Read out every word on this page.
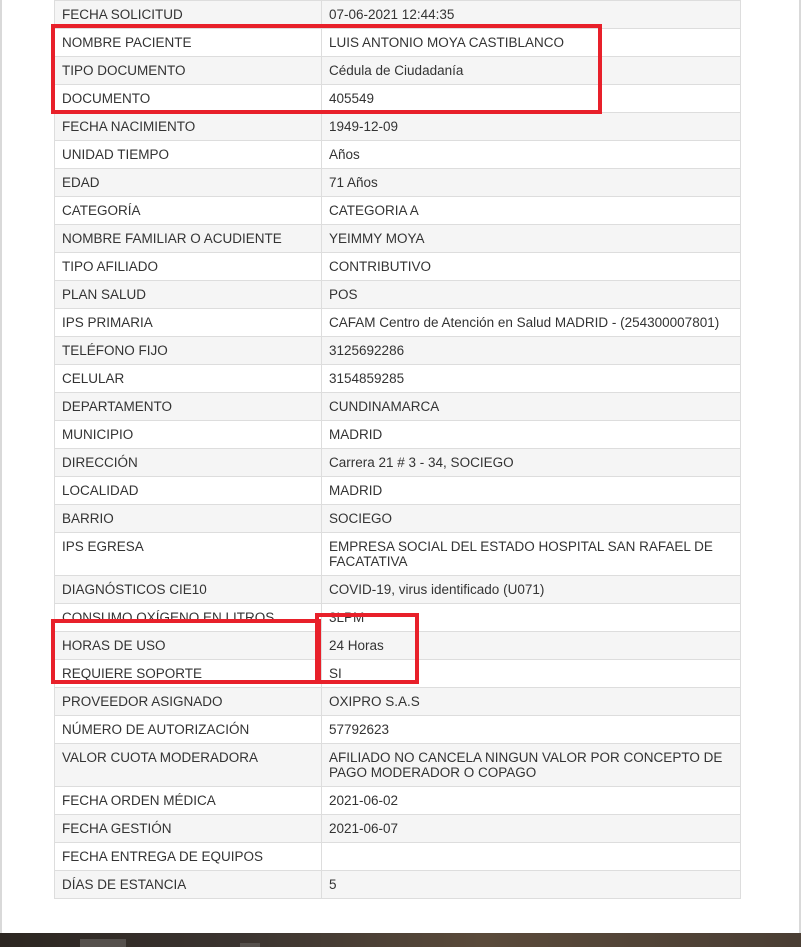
FECHA SOLICITUD	07-06-2021 12:44:35
NOMBRE PACIENTE	LUIS ANTONIO MOYA CASTIBLANCO
TIPO DOCUMENTO	Cédula de Ciudadanía
DOCUMENTO	405549
FECHA NACIMIENTO	1949-12-09
UNIDAD TIEMPO	Años
EDAD	71 Años
CATEGORÍA	CATEGORIA A
NOMBRE FAMILIAR O ACUDIENTE	YEIMMY MOYA
TIPO AFILIADO	CONTRIBUTIVO
PLAN SALUD	POS
IPS PRIMARIA	CAFAM Centro de Atención en Salud MADRID - (254300007801)
TELÉFONO FIJO	3125692286
CELULAR	3154859285
DEPARTAMENTO	CUNDINAMARCA
MUNICIPIO	MADRID
DIRECCIÓN	Carrera 21 # 3 - 34, SOCIEGO
LOCALIDAD	MADRID
BARRIO	SOCIEGO
IPS EGRESA	EMPRESA SOCIAL DEL ESTADO HOSPITAL SAN RAFAEL DE FACATATIVA
DIAGNÓSTICOS CIE10	COVID-19, virus identificado (U071)
CONSUMO OXÍGENO EN LITROS	3LPM
HORAS DE USO	24 Horas
REQUIERE SOPORTE	SI
PROVEEDOR ASIGNADO	OXIPRO S.A.S
NÚMERO DE AUTORIZACIÓN	57792623
VALOR CUOTA MODERADORA	AFILIADO NO CANCELA NINGUN VALOR POR CONCEPTO DE PAGO MODERADOR O COPAGO
FECHA ORDEN MÉDICA	2021-06-02
FECHA GESTIÓN	2021-06-07
FECHA ENTREGA DE EQUIPOS	
DÍAS DE ESTANCIA	5
